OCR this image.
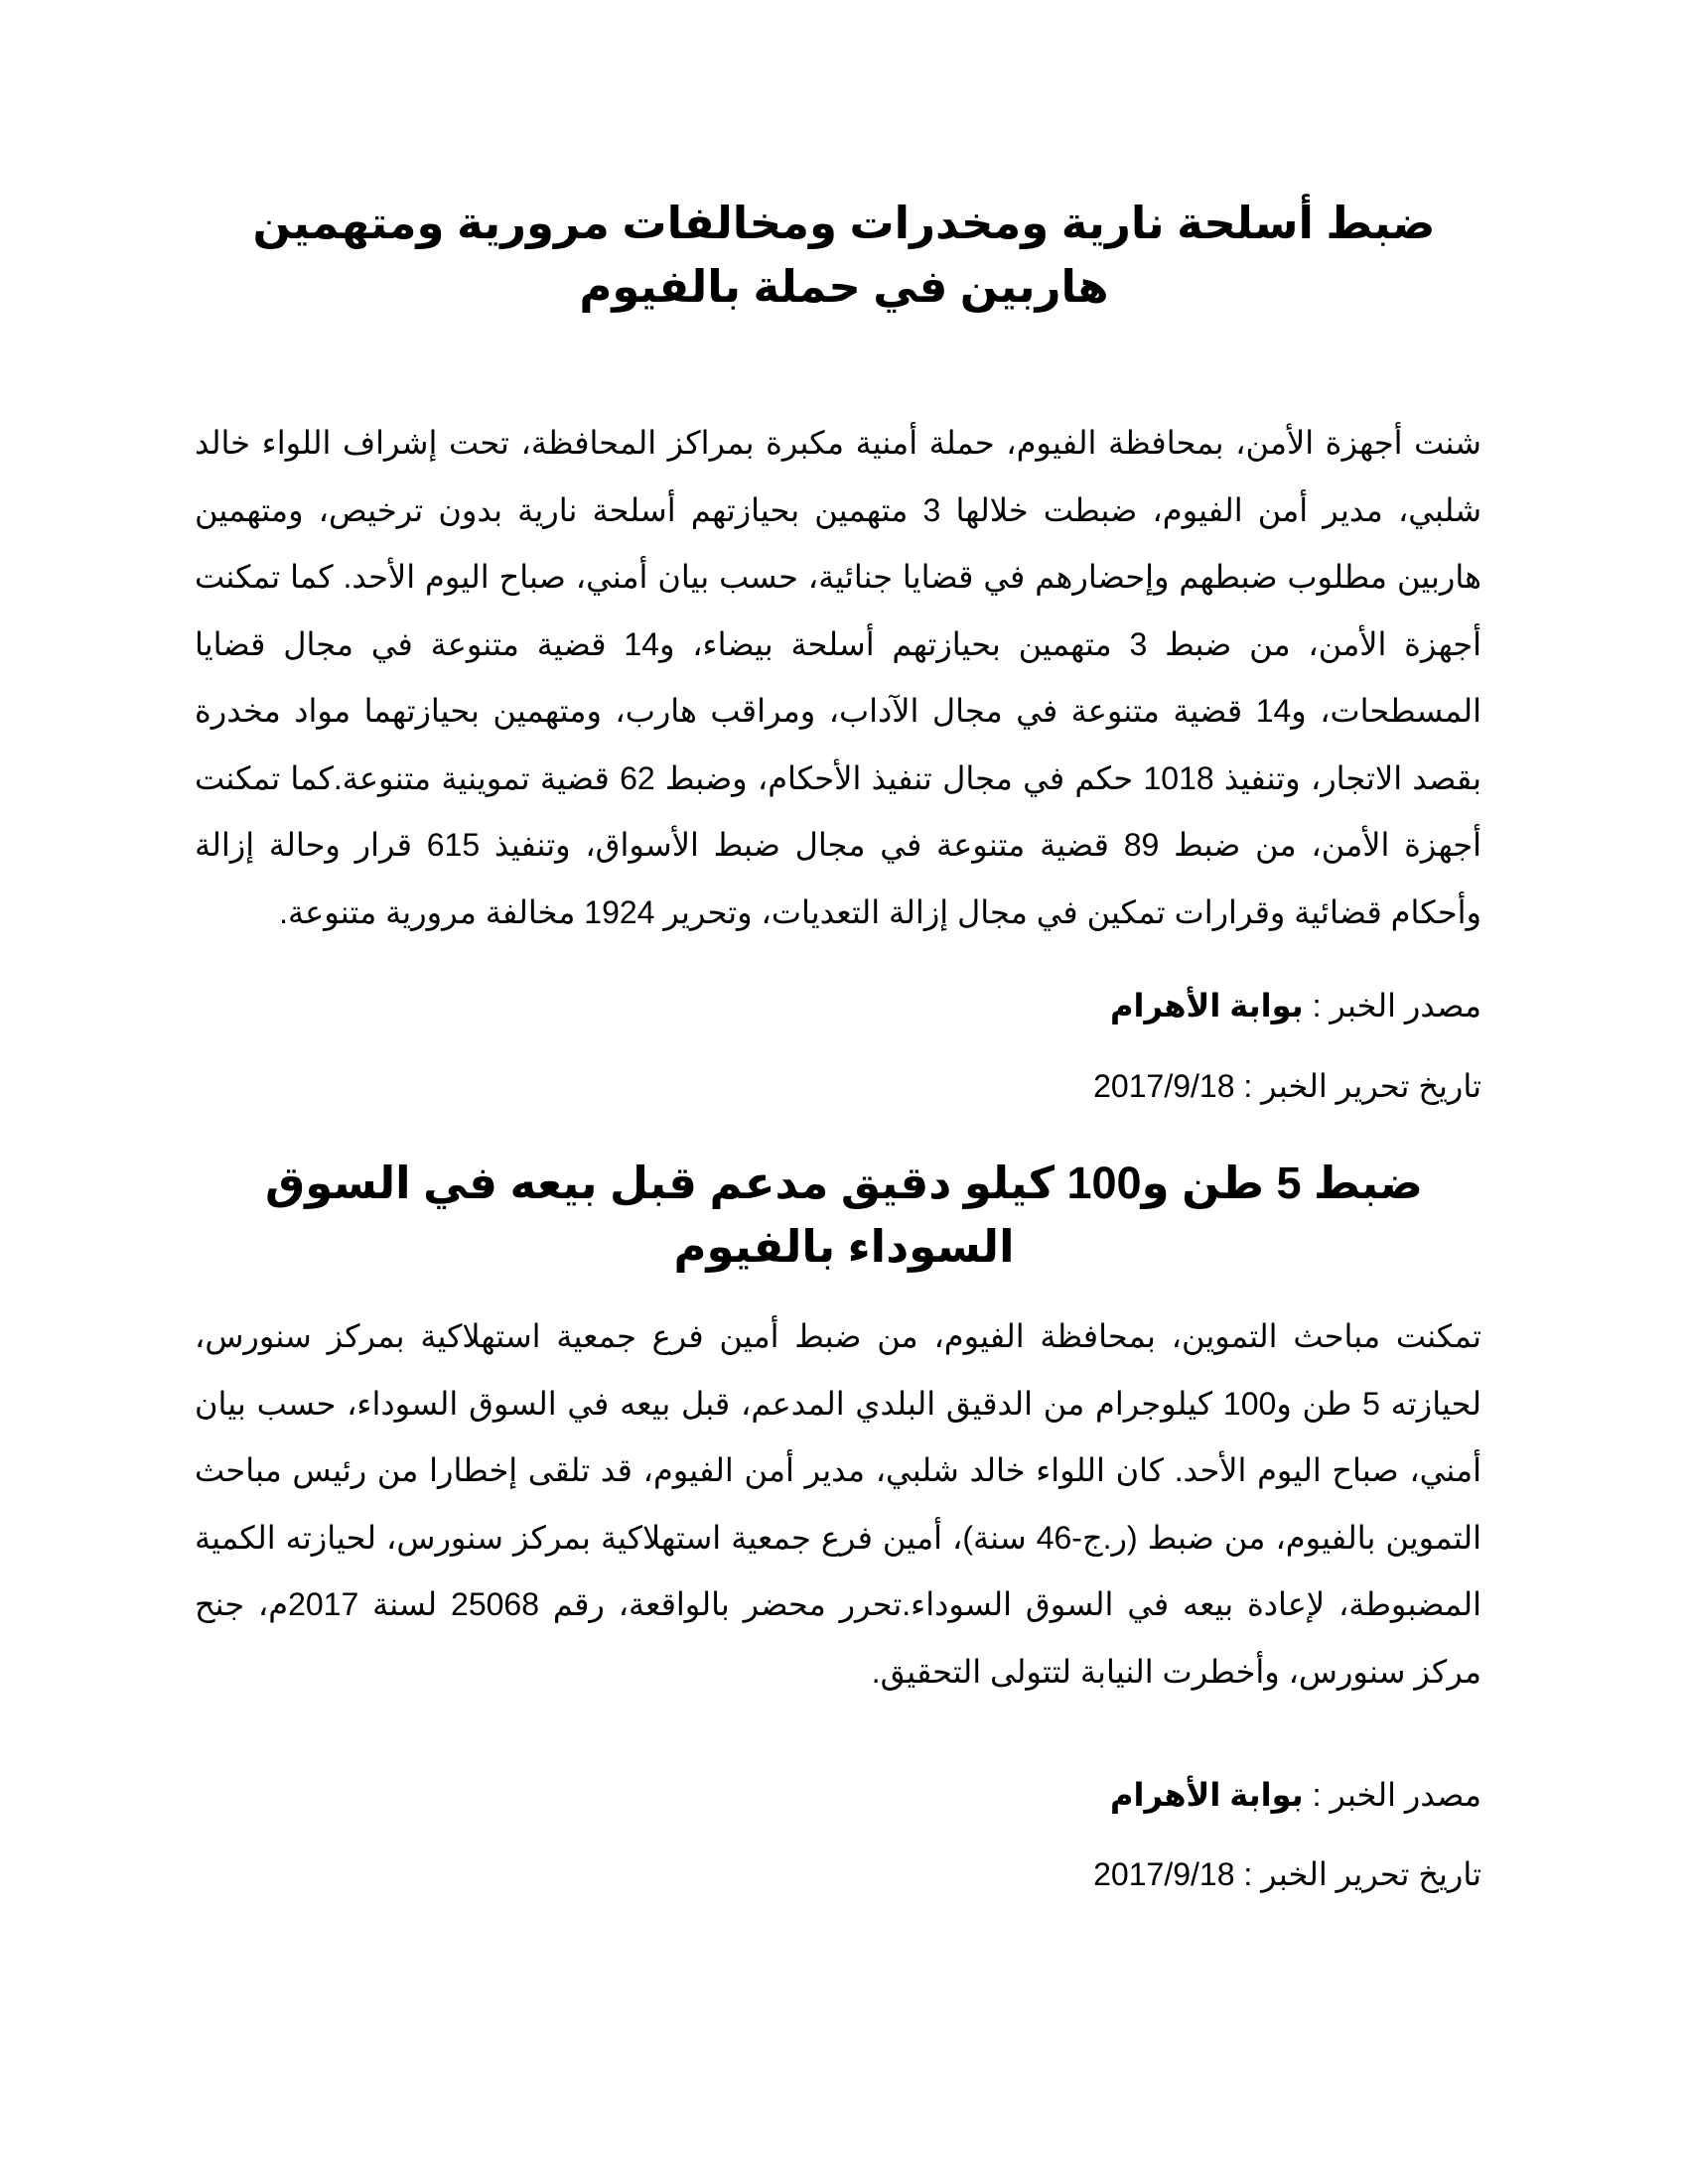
ضبط أسلحة نارية ومخدرات ومخالفات مرورية ومتهمين هاربين في حملة بالفيوم

شنت أجهزة الأمن، بمحافظة الفيوم، حملة أمنية مكبرة بمراكز المحافظة، تحت إشراف اللواء خالد شلبي، مدير أمن الفيوم، ضبطت خلالها 3 متهمين بحيازتهم أسلحة نارية بدون ترخيص، ومتهمين هاربين مطلوب ضبطهم وإحضارهم في قضايا جنائية، حسب بيان أمني، صباح اليوم الأحد. كما تمكنت أجهزة الأمن، من ضبط 3 متهمين بحيازتهم أسلحة بيضاء، و14 قضية متنوعة في مجال قضايا المسطحات، و14 قضية متنوعة في مجال الآداب، ومراقب هارب، ومتهمين بحيازتهما مواد مخدرة بقصد الاتجار، وتنفيذ 1018 حكم في مجال تنفيذ الأحكام، وضبط 62 قضية تموينية متنوعة.كما تمكنت أجهزة الأمن، من ضبط 89 قضية متنوعة في مجال ضبط الأسواق، وتنفيذ 615 قرار وحالة إزالة وأحكام قضائية وقرارات تمكين في مجال إزالة التعديات، وتحرير 1924 مخالفة مرورية متنوعة.

مصدر الخبر : بوابة الأهرام

تاريخ تحرير الخبر : 2017/9/18

ضبط 5 طن و100 كيلو دقيق مدعم قبل بيعه في السوق السوداء بالفيوم

تمكنت مباحث التموين، بمحافظة الفيوم، من ضبط أمين فرع جمعية استهلاكية بمركز سنورس، لحيازته 5 طن و100 كيلوجرام من الدقيق البلدي المدعم، قبل بيعه في السوق السوداء، حسب بيان أمني، صباح اليوم الأحد. كان اللواء خالد شلبي، مدير أمن الفيوم، قد تلقى إخطارا من رئيس مباحث التموين بالفيوم، من ضبط (ر.ج-46 سنة)، أمين فرع جمعية استهلاكية بمركز سنورس، لحيازته الكمية المضبوطة، لإعادة بيعه في السوق السوداء.تحرر محضر بالواقعة، رقم 25068 لسنة 2017م، جنح مركز سنورس، وأخطرت النيابة لتتولى التحقيق.

مصدر الخبر : بوابة الأهرام

تاريخ تحرير الخبر : 2017/9/18
